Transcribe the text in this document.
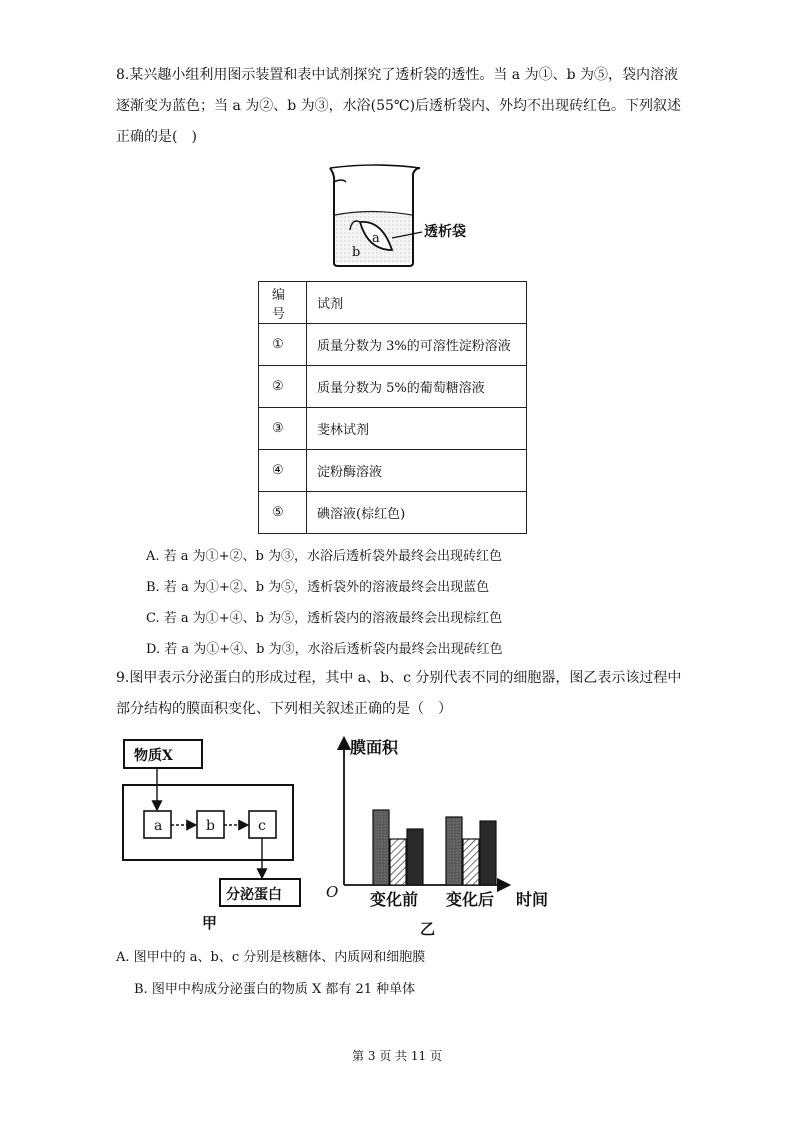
8.某兴趣小组利用图示装置和表中试剂探究了透析袋的透性。当 a 为①、b 为⑤，袋内溶液逐渐变为蓝色；当 a 为②、b 为③，水浴(55℃)后透析袋内、外均不出现砖红色。下列叙述正确的是(　)
a
b
透析袋
编号	试剂
①	质量分数为 3%的可溶性淀粉溶液
②	质量分数为 5%的葡萄糖溶液
③	斐林试剂
④	淀粉酶溶液
⑤	碘溶液(棕红色)
A. 若 a 为①+②、b 为③，水浴后透析袋外最终会出现砖红色
B. 若 a 为①+②、b 为⑤，透析袋外的溶液最终会出现蓝色
C. 若 a 为①+④、b 为⑤，透析袋内的溶液最终会出现棕红色
D. 若 a 为①+④、b 为③，水浴后透析袋内最终会出现砖红色
9.图甲表示分泌蛋白的形成过程，其中 a、b、c 分别代表不同的细胞器，图乙表示该过程中部分结构的膜面积变化、下列相关叙述正确的是（　）
物质X
a	b	c
分泌蛋白
甲
膜面积
O	时间
变化前 变化后
乙
A. 图甲中的 a、b、c 分别是核糖体、内质网和细胞膜
B. 图甲中构成分泌蛋白的物质 X 都有 21 种单体
第 3 页 共 11 页
